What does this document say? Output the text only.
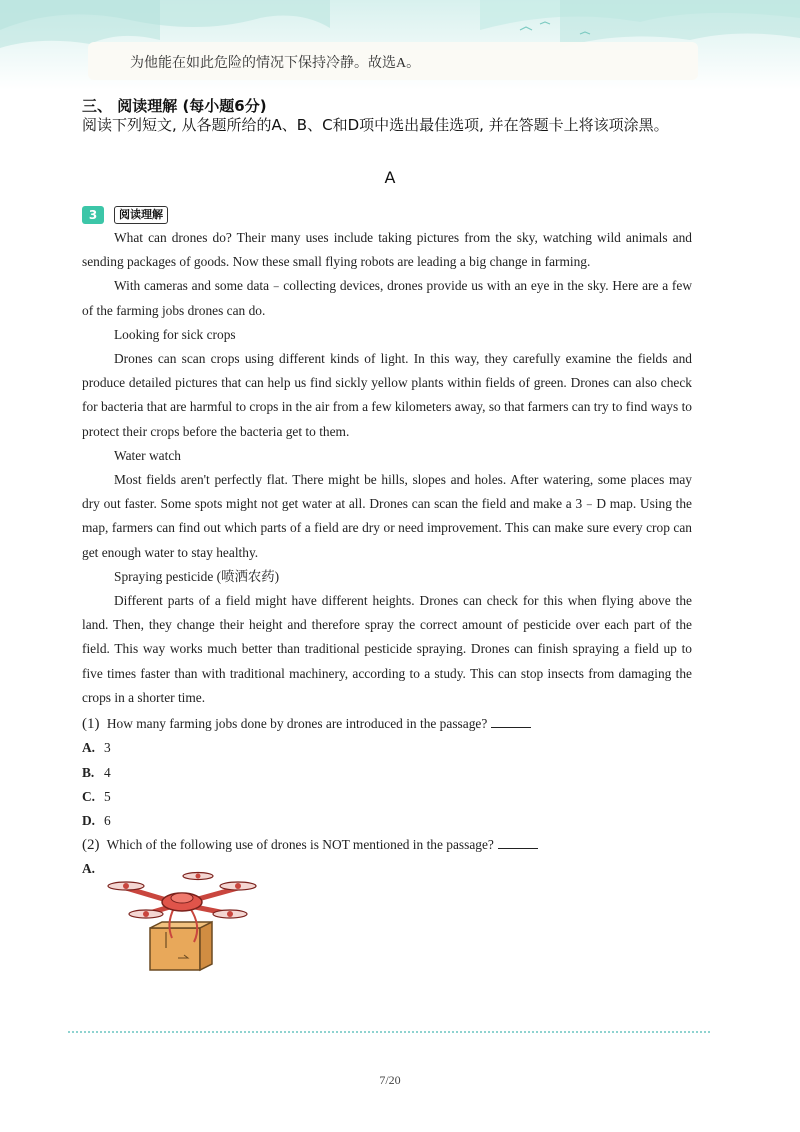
为他能在如此危险的情况下保持冷静。故选A。
三、 阅读理解 (每小题6分)
阅读下列短文, 从各题所给的A、B、C和D项中选出最佳选项, 并在答题卡上将该项涂黑。
A
3	阅读理解

What can drones do? Their many uses include taking pictures from the sky, watching wild animals and sending packages of goods. Now these small flying robots are leading a big change in farming.

With cameras and some data﹣collecting devices, drones provide us with an eye in the sky. Here are a few of the farming jobs drones can do.

Looking for sick crops

Drones can scan crops using different kinds of light. In this way, they carefully examine the fields and produce detailed pictures that can help us find sickly yellow plants within fields of green. Drones can also check for bacteria that are harmful to crops in the air from a few kilometers away, so that farmers can try to find ways to protect their crops before the bacteria get to them.

Water watch

Most fields aren't perfectly flat. There might be hills, slopes and holes. After watering, some places may dry out faster. Some spots might not get water at all. Drones can scan the field and make a 3﹣D map. Using the map, farmers can find out which parts of a field are dry or need improvement. This can make sure every crop can get enough water to stay healthy.

Spraying pesticide (喷洒农药)

Different parts of a field might have different heights. Drones can check for this when flying above the land. Then, they change their height and therefore spray the correct amount of pesticide over each part of the field. This way works much better than traditional pesticide spraying. Drones can finish spraying a field up to five times faster than with traditional machinery, according to a study. This can stop insects from damaging the crops in a shorter time.

(1) How many farming jobs done by drones are introduced in the passage?
A. 3
B. 4
C. 5
D. 6
(2) Which of the following use of drones is NOT mentioned in the passage?
A.
7/20
